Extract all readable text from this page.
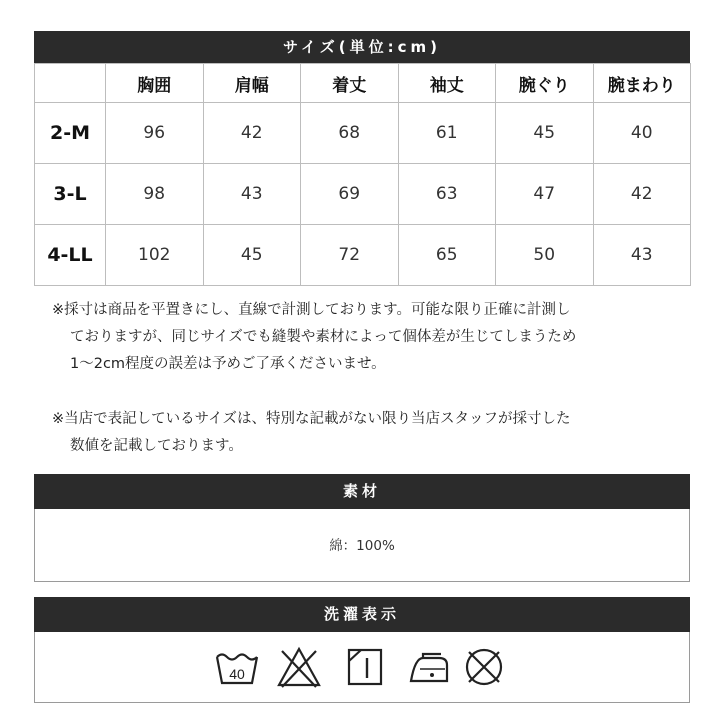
サイズ(単位:cm)
	胸囲	肩幅	着丈	袖丈	腕ぐり	腕まわり
2-M	96	42	68	61	45	40
3-L	98	43	69	63	47	42
4-LL	102	45	72	65	50	43

※採寸は商品を平置きにし、直線で計測しております。可能な限り正確に計測し

ておりますが、同じサイズでも縫製や素材によって個体差が生じてしまうため

1～2cm程度の誤差は予めご了承くださいませ。

※当店で表記しているサイズは、特別な記載がない限り当店スタッフが採寸した

数値を記載しております。

素材
綿：100%
洗濯表示
40
